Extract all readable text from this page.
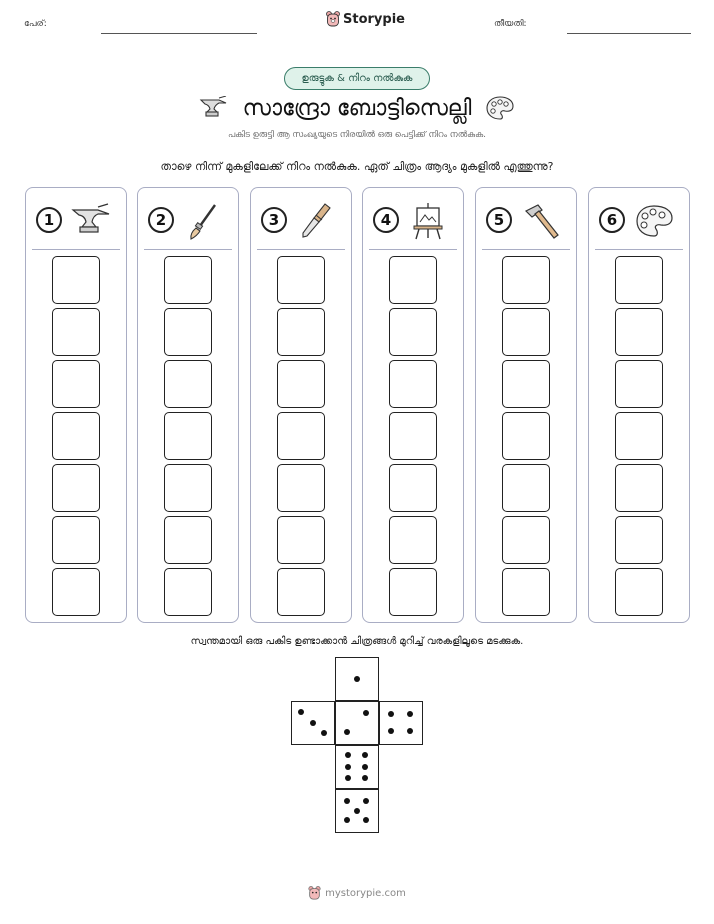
പേര്:	Storypie	തീയതി:
ഉരുട്ടുക & നിറം നൽകുക
സാന്ദ്രോ ബോട്ടിസെല്ലി
പകിട ഉരുട്ടി ആ സംഖ്യയുടെ നിരയിൽ ഒരു പെട്ടിക്ക് നിറം നൽകുക.
താഴെ നിന്ന് മുകളിലേക്ക് നിറം നൽകുക. ഏത് ചിത്രം ആദ്യം മുകളിൽ എത്തുന്നു?
1	2	3	4	5	6
സ്വന്തമായി ഒരു പകിട ഉണ്ടാക്കാൻ ചിത്രങ്ങൾ മുറിച്ച് വരകളിലൂടെ മടക്കുക.
mystorypie.com
